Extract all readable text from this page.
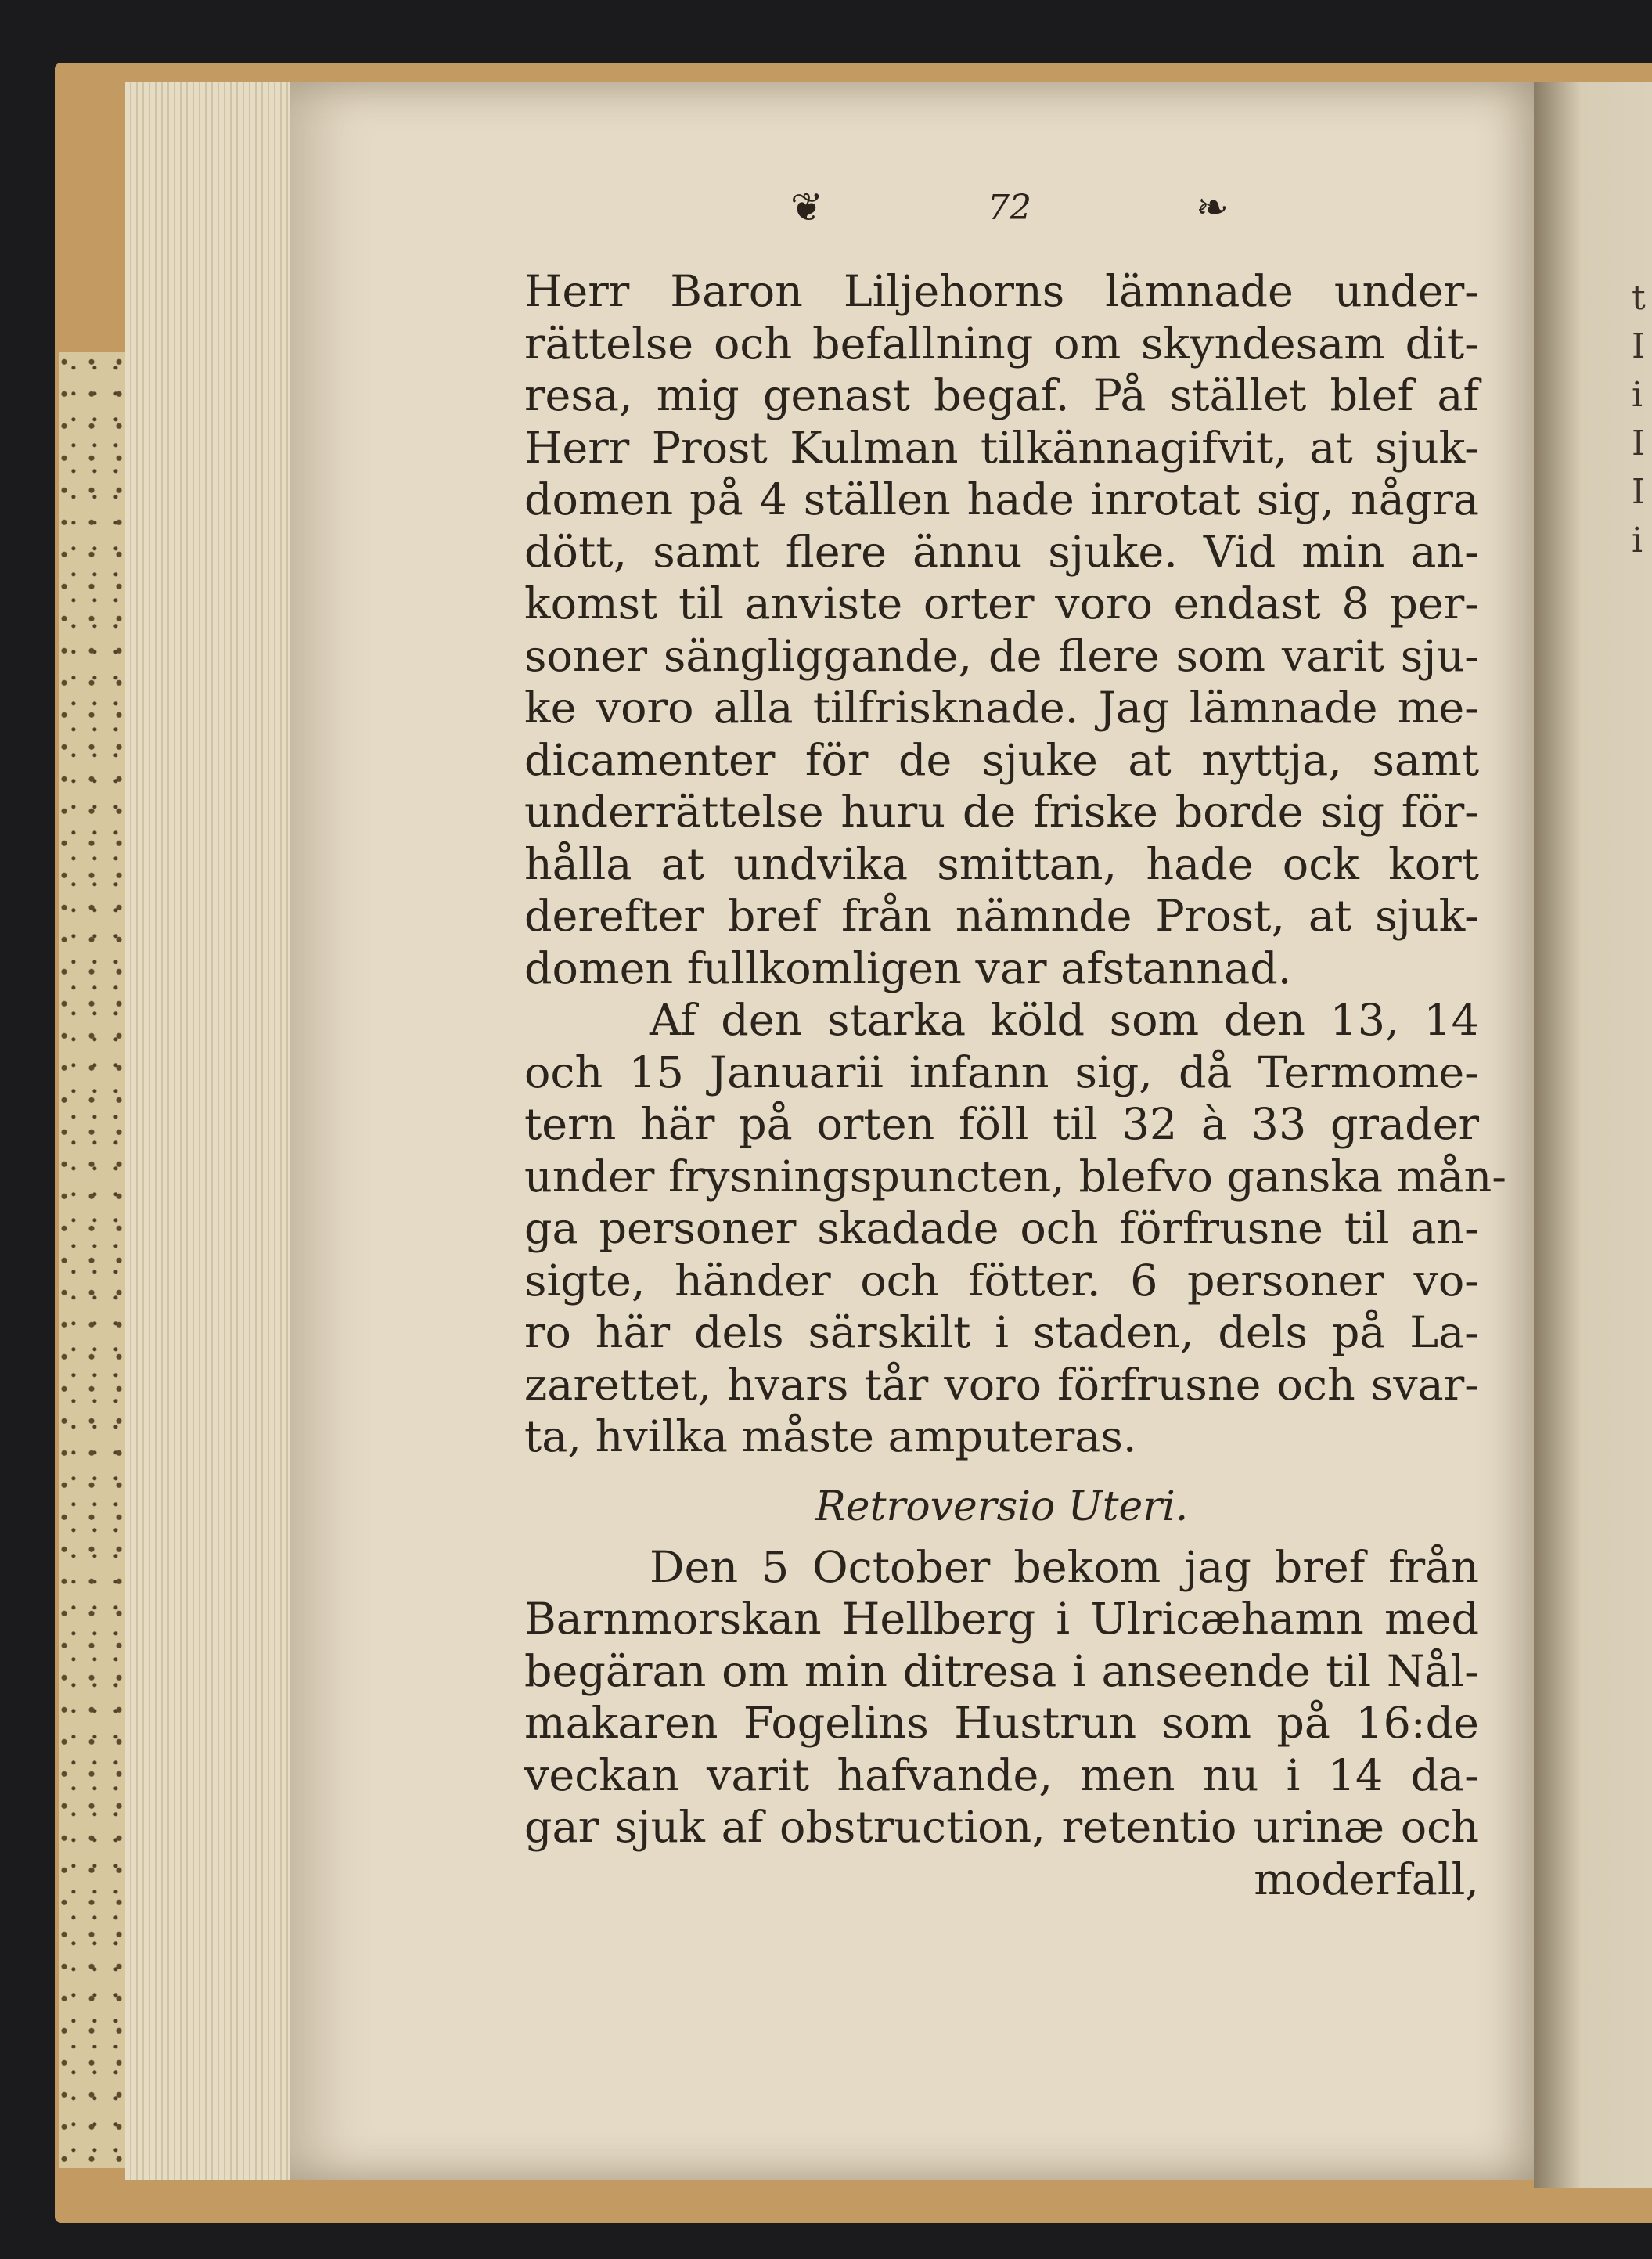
t
I
i
I
I
i
❦	72	❧
Herr Baron Liljehorns lämnade under-
rättelse och befallning om skyndesam dit-
resa, mig genast begaf. På stället blef af
Herr Prost Kulman tilkännagifvit, at sjuk-
domen på 4 ställen hade inrotat sig, några
dött, samt flere ännu sjuke. Vid min an-
komst til anviste orter voro endast 8 per-
soner sängliggande, de flere som varit sju-
ke voro alla tilfrisknade. Jag lämnade me-
dicamenter för de sjuke at nyttja, samt
underrättelse huru de friske borde sig för-
hålla at undvika smittan, hade ock kort
derefter bref från nämnde Prost, at sjuk-
domen fullkomligen var afstannad.
Af den starka köld som den 13, 14
och 15 Januarii infann sig, då Termome-
tern här på orten föll til 32 à 33 grader
under frysningspuncten, blefvo ganska mån-
ga personer skadade och förfrusne til an-
sigte, händer och fötter. 6 personer vo-
ro här dels särskilt i staden, dels på La-
zarettet, hvars tår voro förfrusne och svar-
ta, hvilka måste amputeras.
Retroversio Uteri.
Den 5 October bekom jag bref från
Barnmorskan Hellberg i Ulricæhamn med
begäran om min ditresa i anseende til Nål-
makaren Fogelins Hustrun som på 16:de
veckan varit hafvande, men nu i 14 da-
gar sjuk af obstruction, retentio urinæ och
moderfall,
